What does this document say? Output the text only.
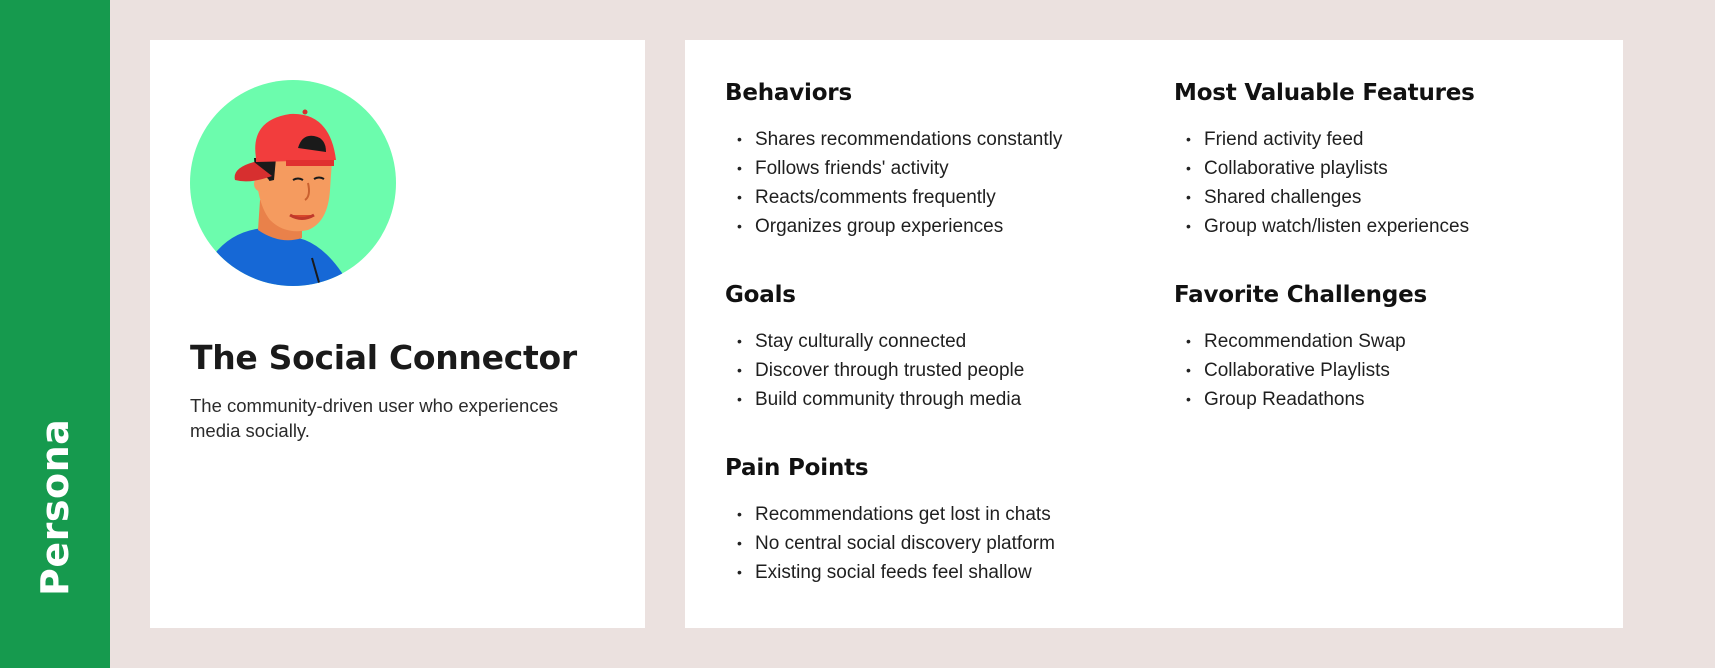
Persona
The Social Connector

The community-driven user who experiences media socially.

Behaviors
• Shares recommendations constantly
• Follows friends' activity
• Reacts/comments frequently
• Organizes group experiences
Goals
• Stay culturally connected
• Discover through trusted people
• Build community through media
Pain Points
• Recommendations get lost in chats
• No central social discovery platform
• Existing social feeds feel shallow
Most Valuable Features
• Friend activity feed
• Collaborative playlists
• Shared challenges
• Group watch/listen experiences
Favorite Challenges
• Recommendation Swap
• Collaborative Playlists
• Group Readathons
